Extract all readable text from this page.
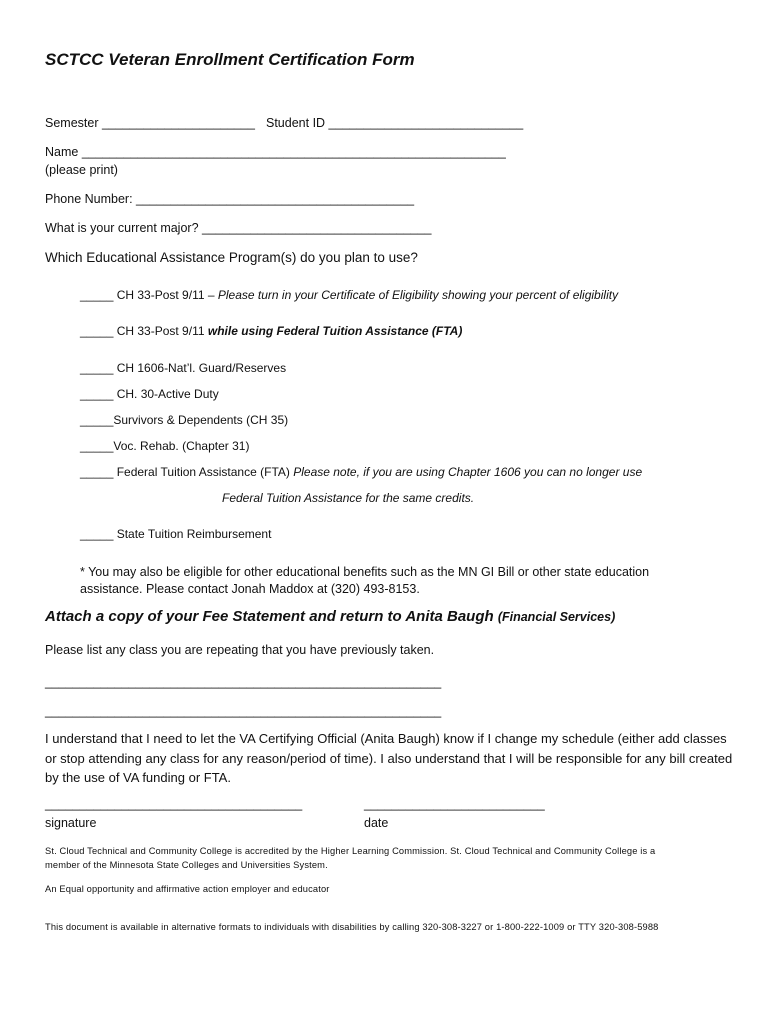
SCTCC Veteran Enrollment Certification Form
Semester ______________________ Student ID ____________________________
Name _____________________________________________________________
(please print)
Phone Number: ________________________________________
What is your current major? _________________________________
Which Educational Assistance Program(s) do you plan to use?
_____ CH 33-Post 9/11 – Please turn in your Certificate of Eligibility showing your percent of eligibility
_____ CH 33-Post 9/11 while using Federal Tuition Assistance (FTA)
_____ CH 1606-Nat’l. Guard/Reserves
_____ CH. 30-Active Duty
_____Survivors & Dependents (CH 35)
_____Voc. Rehab. (Chapter 31)
_____ Federal Tuition Assistance (FTA) Please note, if you are using Chapter 1606 you can no longer use
Federal Tuition Assistance for the same credits.
_____ State Tuition Reimbursement
* You may also be eligible for other educational benefits such as the MN GI Bill or other state education assistance. Please contact Jonah Maddox at (320) 493-8153.
Attach a copy of your Fee Statement and return to Anita Baugh (Financial Services)
Please list any class you are repeating that you have previously taken.
_________________________________________________________
_________________________________________________________
I understand that I need to let the VA Certifying Official (Anita Baugh) know if I change my schedule (either add classes or stop attending any class for any reason/period of time). I also understand that I will be responsible for any bill created by the use of VA funding or FTA.
_____________________________________	__________________________
signature	date
St. Cloud Technical and Community College is accredited by the Higher Learning Commission. St. Cloud Technical and Community College is a
member of the Minnesota State Colleges and Universities System.
An Equal opportunity and affirmative action employer and educator
This document is available in alternative formats to individuals with disabilities by calling 320-308-3227 or 1-800-222-1009 or TTY 320-308-5988
